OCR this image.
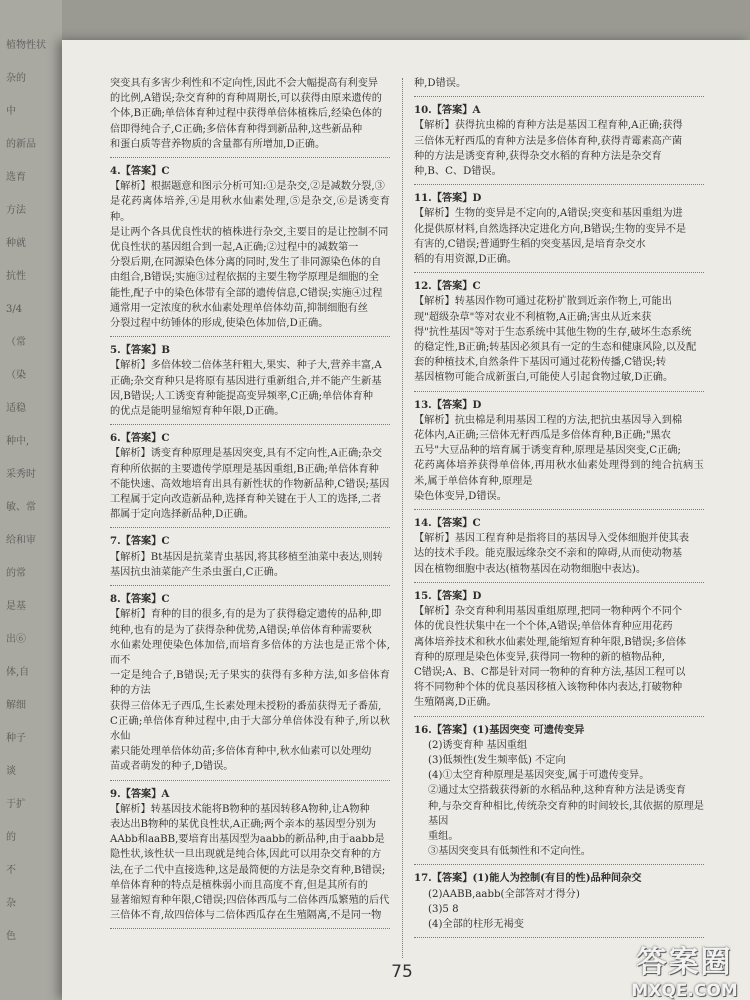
植物性状
杂的
中
的新品
选育
方法
种就
抗性
3/4
（常
（染
适稳
种中,
采秀时
敏、常
给和审
的常
是基
出⑥
体,自
解细
种子
谈
于扩
的
不
杂
色

突变具有多害少利性和不定向性,因此不会大幅提高有利变异

的比例,A错误;杂交育种的育种周期长,可以获得由原来遗传的

个体,B正确;单倍体育种过程中获得单倍体植株后,经染色体的

倍即得纯合子,C正确;多倍体育种得到新品种,这些新品种

和蛋白质等营养物质的含量都有所增加,D正确。

4.【答案】C

【解析】根据题意和图示分析可知:①是杂交,②是减数分裂,③

是花药离体培养,④是用秋水仙素处理,⑤是杂交,⑥是诱变育种。

是让两个各具优良性状的植株进行杂交,主要目的是让控制不同

优良性状的基因组合到一起,A正确;②过程中的减数第一

分裂后期,在同源染色体分离的同时,发生了非同源染色体的自

由组合,B错误;实施③过程依据的主要生物学原理是细胞的全

能性,配子中的染色体带有全部的遗传信息,C错误;实施④过程

通常用一定浓度的秋水仙素处理单倍体幼苗,抑制细胞有丝

分裂过程中纺锤体的形成,使染色体加倍,D正确。

5.【答案】B

【解析】多倍体较二倍体茎秆粗大,果实、种子大,营养丰富,A

正确;杂交育种只是将原有基因进行重新组合,并不能产生新基

因,B错误;人工诱变育种能提高变异频率,C正确;单倍体育种

的优点是能明显缩短育种年限,D正确。

6.【答案】C

【解析】诱变育种原理是基因突变,具有不定向性,A正确;杂交

育种所依据的主要遗传学原理是基因重组,B正确;单倍体育种

不能快速、高效地培育出具有新性状的作物新品种,C错误;基因

工程属于定向改造新品种,选择育种关键在于人工的选择,二者

都属于定向选择新品种,D正确。

7.【答案】C

【解析】Bt基因是抗菜青虫基因,将其移植至油菜中表达,则转

基因抗虫油菜能产生杀虫蛋白,C正确。

8.【答案】C

【解析】育种的目的很多,有的是为了获得稳定遗传的品种,即

纯种,也有的是为了获得杂种优势,A错误;单倍体育种需要秋

水仙素处理使染色体加倍,而培育多倍体的方法也是正常个体,而不

一定是纯合子,B错误;无子果实的获得有多种方法,如多倍体育种的方法

获得三倍体无子西瓜,生长素处理未授粉的番茄获得无子番茄,

C正确;单倍体育种过程中,由于大部分单倍体没有种子,所以秋水仙

素只能处理单倍体幼苗;多倍体育种中,秋水仙素可以处理幼

苗或者萌发的种子,D错误。

9.【答案】A

【解析】转基因技术能将B物种的基因转移A物种,让A物种

表达出B物种的某优良性状,A正确;两个亲本的基因型分别为

AAbb和aaBB,要培育出基因型为aabb的新品种,由于aabb是

隐性状,该性状一旦出现就是纯合体,因此可以用杂交育种的方

法,在子二代中直接选种,这是最简便的方法是杂交育种,B错误;

单倍体育种的特点是植株弱小而且高度不育,但是其所有的

显著缩短育种年限,C错误;四倍体西瓜与二倍体西瓜繁殖的后代

三倍体不育,故四倍体与二倍体西瓜存在生殖隔离,不是同一物

种,D错误。

10.【答案】A

【解析】获得抗虫棉的育种方法是基因工程育种,A正确;获得

三倍体无籽西瓜的育种方法是多倍体育种,获得青霉素高产菌

种的方法是诱变育种,获得杂交水稻的育种方法是杂交育

种,B、C、D错误。

11.【答案】D

【解析】生物的变异是不定向的,A错误;突变和基因重组为进

化提供原材料,自然选择决定进化方向,B错误;生物的变异不是

有害的,C错误;普通野生稻的突变基因,是培育杂交水

稻的有用资源,D正确。

12.【答案】C

【解析】转基因作物可通过花粉扩散到近亲作物上,可能出

现"超级杂草"等对农业不利植物,A正确;害虫从近来获

得"抗性基因"等对于生态系统中其他生物的生存,破坏生态系统

的稳定性,B正确;转基因必须具有一定的生态和健康风险,以及配

套的种植技术,自然条件下基因可通过花粉传播,C错误;转

基因植物可能合成新蛋白,可能使人引起食物过敏,D正确。

13.【答案】D

【解析】抗虫棉是利用基因工程的方法,把抗虫基因导入到棉

花体内,A正确;三倍体无籽西瓜是多倍体育种,B正确;"黑农

五号"大豆品种的培育属于诱变育种,原理是基因突变,C正确;

花药离体培养获得单倍体,再用秋水仙素处理得到的纯合抗病玉米,属于单倍体育种,原理是

染色体变异,D错误。

14.【答案】C

【解析】基因工程育种是指将目的基因导入受体细胞并使其表

达的技术手段。能克服远缘杂交不亲和的障碍,从而使动物基

因在植物细胞中表达(植物基因在动物细胞中表达)。

15.【答案】D

【解析】杂交育种利用基因重组原理,把同一物种两个不同个

体的优良性状集中在一个个体,A错误;单倍体育种应用花药

离体培养技术和秋水仙素处理,能缩短育种年限,B错误;多倍体

育种的原理是染色体变异,获得同一物种的新的植物品种,

C错误;A、B、C都是针对同一物种的育种方法,基因工程可以

将不同物种个体的优良基因移植入该物种体内表达,打破物种

生殖隔离,D正确。

16.【答案】(1)基因突变 可遗传变异

(2)诱变育种 基因重组

(3)低频性(发生频率低) 不定向

(4)①太空育种原理是基因突变,属于可遗传变异。

②通过太空搭载获得新的水稻品种,这种育种方法是诱变育

种,与杂交育种相比,传统杂交育种的时间较长,其依据的原理是基因

重组。

③基因突变具有低频性和不定向性。

17.【答案】(1)能人为控制(有目的性)品种间杂交

(2)AABB,aabb(全部答对才得分)

(3)5 8

(4)全部的柱形无褐变

75	答案圈
MXQE.COM
